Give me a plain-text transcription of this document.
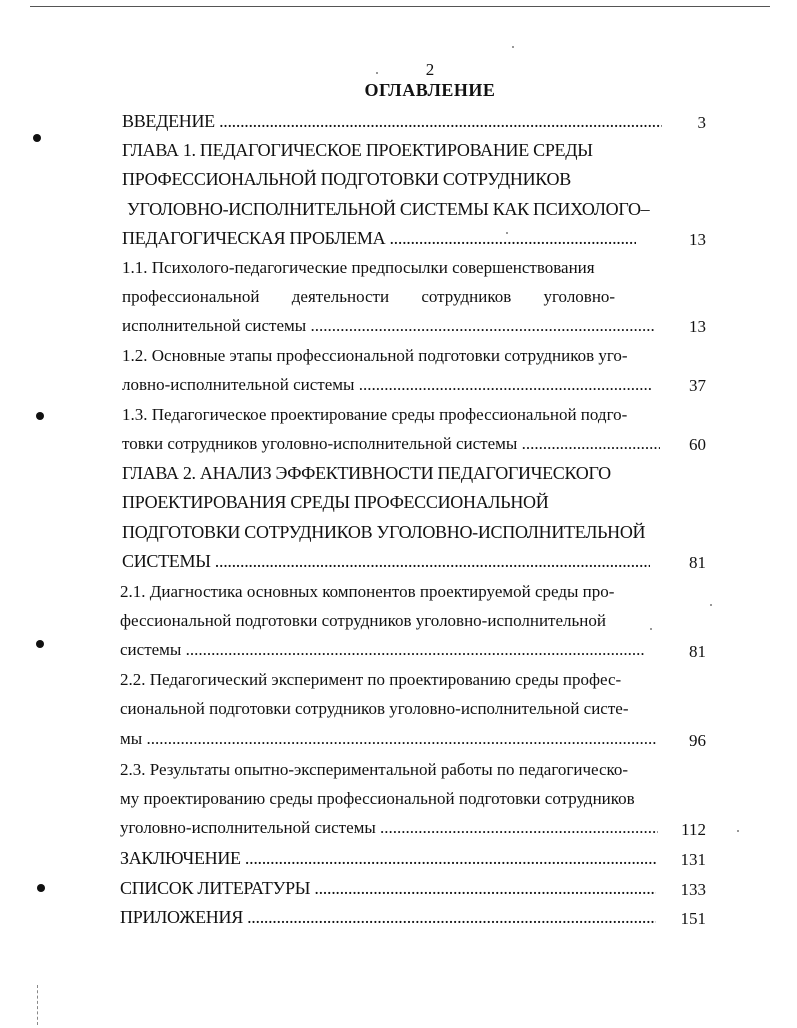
2
ОГЛАВЛЕНИЕ
ВВЕДЕНИЕ .....	3
ГЛАВА 1. ПЕДАГОГИЧЕСКОЕ ПРОЕКТИРОВАНИЕ СРЕДЫ
ПРОФЕССИОНАЛЬНОЙ ПОДГОТОВКИ СОТРУДНИКОВ
УГОЛОВНО-ИСПОЛНИТЕЛЬНОЙ СИСТЕМЫ КАК ПСИХОЛОГО–
ПЕДАГОГИЧЕСКАЯ ПРОБЛЕМА .....	13
1.1. Психолого-педагогические предпосылки совершенствования
профессиональной деятельности сотрудников уголовно-
исполнительной системы .....	13
1.2. Основные этапы профессиональной подготовки сотрудников уго-
ловно-исполнительной системы .....	37
1.3. Педагогическое проектирование среды профессиональной подго-
товки сотрудников уголовно-исполнительной системы .....	60
ГЛАВА 2. АНАЛИЗ ЭФФЕКТИВНОСТИ ПЕДАГОГИЧЕСКОГО
ПРОЕКТИРОВАНИЯ СРЕДЫ ПРОФЕССИОНАЛЬНОЙ
ПОДГОТОВКИ СОТРУДНИКОВ УГОЛОВНО-ИСПОЛНИТЕЛЬНОЙ
СИСТЕМЫ .....	81
2.1. Диагностика основных компонентов проектируемой среды про-
фессиональной подготовки сотрудников уголовно-исполнительной
системы .....	81
2.2. Педагогический эксперимент по проектированию среды профес-
сиональной подготовки сотрудников уголовно-исполнительной систе-
мы .....	96
2.3. Результаты опытно-экспериментальной работы по педагогическо-
му проектированию среды профессиональной подготовки сотрудников
уголовно-исполнительной системы .....	112
ЗАКЛЮЧЕНИЕ .....	131
СПИСОК ЛИТЕРАТУРЫ .....	133
ПРИЛОЖЕНИЯ .....	151
